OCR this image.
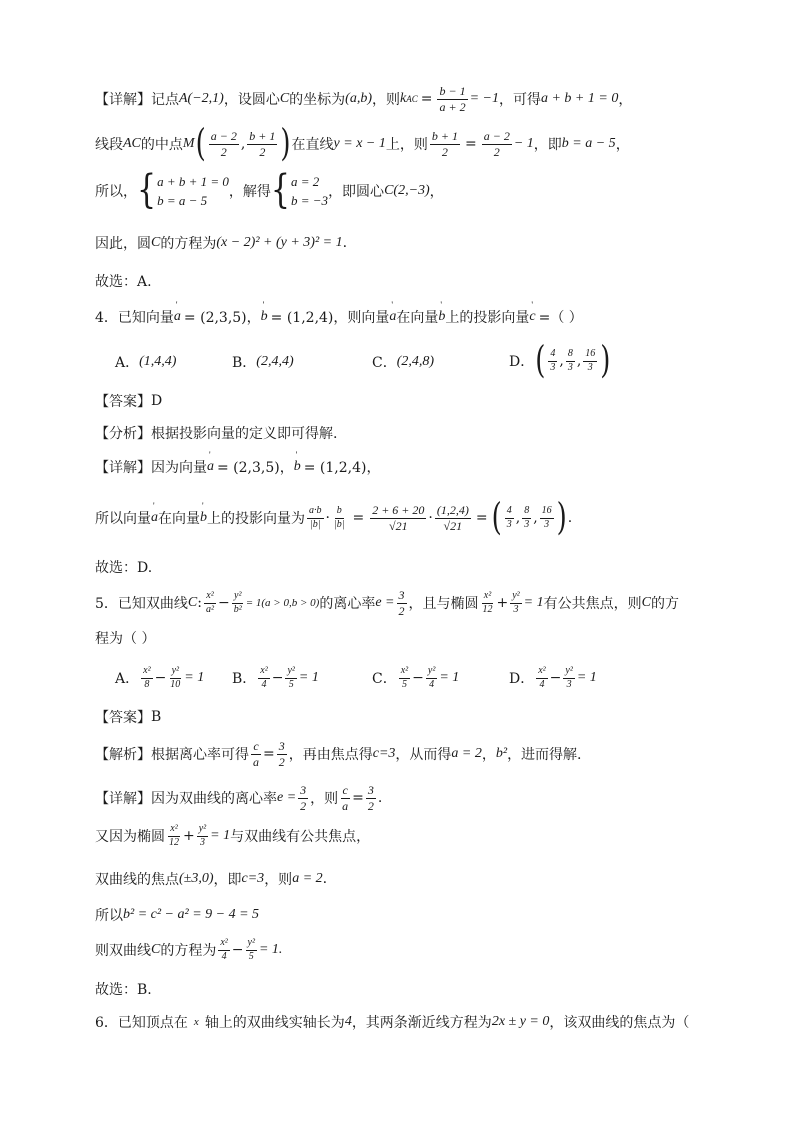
【详解】 记点 A(−2,1) ，设圆心 C 的坐标为 (a,b) ，则 k AC = $\frac{b - 1}{a + 2} = -1$ ，可得 a + b + 1 = 0 ，
线段 AC 的中点 M ( $\frac{a - 2}{2}$ , $\frac{b + 1}{2}$ ) 在直线 y = x − 1 上，则 $\frac{b + 1}{2} = \frac{a - 2}{2} - 1$ ，即 b = a − 5 ，
所以， { a + b + 1 = 0
b = a − 5
，解得 { a = 2
b = −3
，即圆心 C(2,−3) ，
因此，圆 C 的方程为 (x − 2)² + (y + 3)² = 1 .
故选：A.
4．已知向量 ' a = (2,3,5)， ' b = (1,2,4)，则向量 ' a 在向量 ' b 上的投影向量 ' c =（ ）
A． (1,4,4)	B． (2,4,4)	C． (2,4,8)	D． ( $\frac{4}{3}$ , $\frac{8}{3}$ , $\frac{16}{3}$ )
【答案】 D
【分析】 根据投影向量的定义即可得解.
【详解】 因为向量 ' a = (2,3,5)， ' b = (1,2,4)，
所以向量 ' a 在向量 ' b 上的投影向量为 $\frac{a\cdot b}{|b|} \cdot \frac{b}{|b|} = \frac{2 + 6 + 20}{√21} \cdot \frac{(1,2,4)}{√21}$ = ( $\frac{4}{3}$ , $\frac{8}{3}$ , $\frac{16}{3}$ ) .
故选：D.
5．已知双曲线 C : $\frac{\text{x²}}{\text{a²}} - \frac{\text{y²}}{\text{b²}} = 1(a > 0,b > 0)$ 的离心率 $e = \frac{3}{2}$ ，且与椭圆 $\frac{\text{x²}}{12} + \frac{\text{y²}}{3} = 1$ 有公共焦点，则 C 的方
程为（ ）
A． $\frac{\text{x²}}{8} - \frac{\text{y²}}{10} = 1$ B． $\frac{\text{x²}}{4} - \frac{\text{y²}}{5} = 1$	C． $\frac{\text{x²}}{5} - \frac{\text{y²}}{4} = 1$	D． $\frac{\text{x²}}{4} - \frac{\text{y²}}{3} = 1$
【答案】 B
【解析】 根据离心率可得 $\frac{c}{a} = \frac{3}{2}$ ，再由焦点得 c=3 ，从而得 a = 2 ， b² ，进而得解.
【详解】 因为双曲线的离心率 $e = \frac{3}{2}$ ，则 $\frac{c}{a} = \frac{3}{2}$ .
又因为椭圆 $\frac{\text{x²}}{12} + \frac{\text{y²}}{3} = 1$ 与双曲线有公共焦点，
双曲线的焦点 (±3,0) ，即 c=3 ，则 a = 2 .
所以 b² = c² − a² = 9 − 4 = 5
则双曲线 C 的方程为 $\frac{\text{x²}}{4} - \frac{\text{y²}}{5} = 1$.
故选：B.
6．已知顶点在 x 轴上的双曲线实轴长为 4 ，其两条渐近线方程为 2x ± y = 0 ，该双曲线的焦点为（
